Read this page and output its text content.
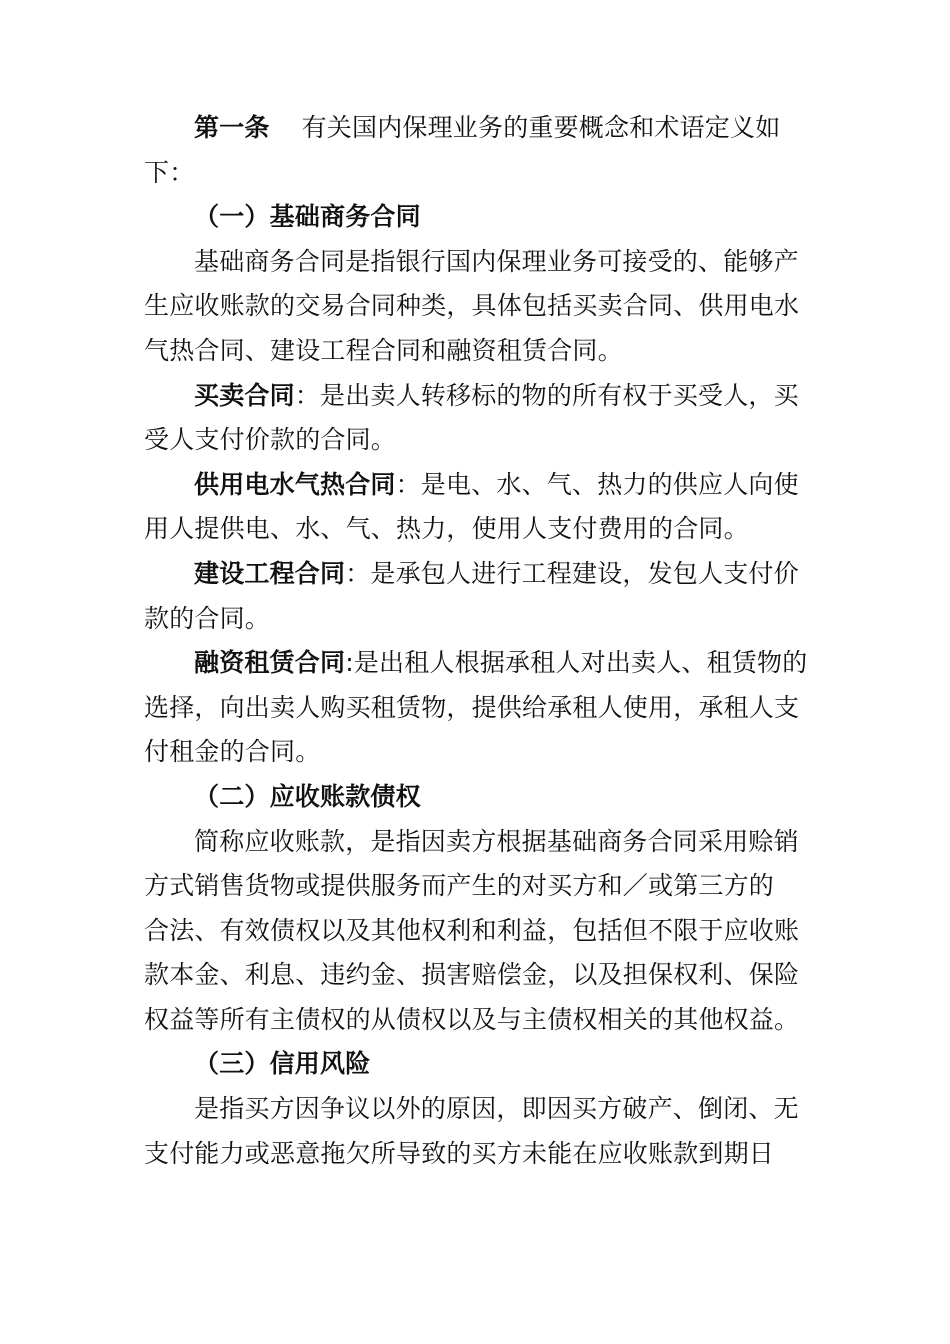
第一条 有关国内保理业务的重要概念和术语定义如
下：
（一）基础商务合同
基础商务合同是指银行国内保理业务可接受的、能够产
生应收账款的交易合同种类，具体包括买卖合同、供用电水
气热合同、建设工程合同和融资租赁合同。
买卖合同：是出卖人转移标的物的所有权于买受人，买
受人支付价款的合同。
供用电水气热合同：是电、水、气、热力的供应人向使
用人提供电、水、气、热力，使用人支付费用的合同。
建设工程合同：是承包人进行工程建设，发包人支付价
款的合同。
融资租赁合同:是出租人根据承租人对出卖人、租赁物的
选择，向出卖人购买租赁物，提供给承租人使用，承租人支
付租金的合同。
（二）应收账款债权
简称应收账款，是指因卖方根据基础商务合同采用赊销
方式销售货物或提供服务而产生的对买方和／或第三方的
合法、有效债权以及其他权利和利益，包括但不限于应收账
款本金、利息、违约金、损害赔偿金，以及担保权利、保险
权益等所有主债权的从债权以及与主债权相关的其他权益。
（三）信用风险
是指买方因争议以外的原因，即因买方破产、倒闭、无
支付能力或恶意拖欠所导致的买方未能在应收账款到期日
